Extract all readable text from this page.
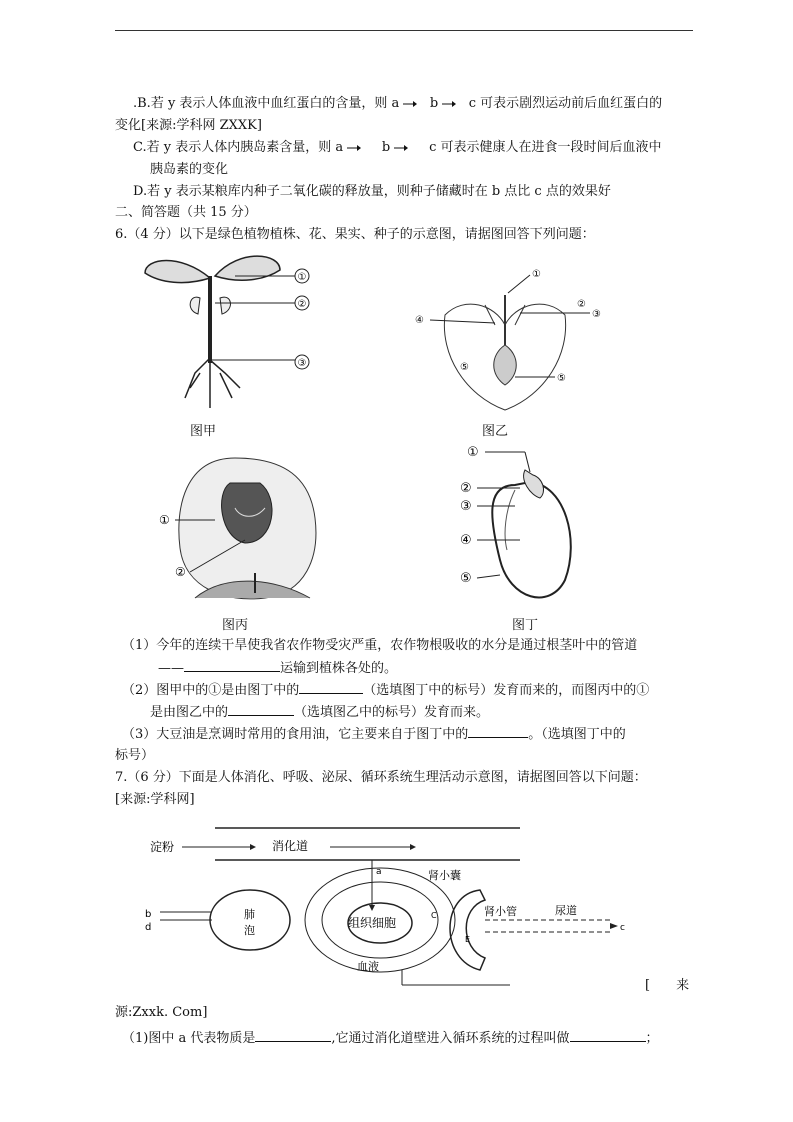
.B.若 y 表示人体血液中血红蛋白的含量，则 a b c 可表示剧烈运动前后血红蛋白的
变化[来源:学科网 ZXXK]
C.若 y 表示人体内胰岛素含量，则 a	b	c 可表示健康人在进食一段时间后血液中
胰岛素的变化
D.若 y 表示某粮库内种子二氧化碳的释放量，则种子储藏时在 b 点比 c 点的效果好
二、简答题（共 15 分）
6.（4 分）以下是绿色植物植株、花、果实、种子的示意图，请据图回答下列问题：
①
②
③
图甲
④
①
③
②
⑤
⑤
图乙
①
②
图丙
①
②
③
④
⑤
图丁
（1）今年的连续干旱使我省农作物受灾严重，农作物根吸收的水分是通过根茎叶中的管道
——	运输到植株各处的。
（2）图甲中的①是由图丁中的	（选填图丁中的标号）发育而来的，而图丙中的①
是由图乙中的	（选填图乙中的标号）发育而来。
（3）大豆油是烹调时常用的食用油，它主要来自于图丁中的	。（选填图丁中的
标号）
7.（6 分）下面是人体消化、呼吸、泌尿、循环系统生理活动示意图，请据图回答以下问题：
[来源:学科网]
淀粉	消化道
a	肾小囊
组织细胞
血液
肺
泡
b
d
C
E
肾小管
c
尿道
[　　来
源:Zxxk. Com]
（1)图中 a 代表物质是	,它通过消化道壁进入循环系统的过程叫做	；
